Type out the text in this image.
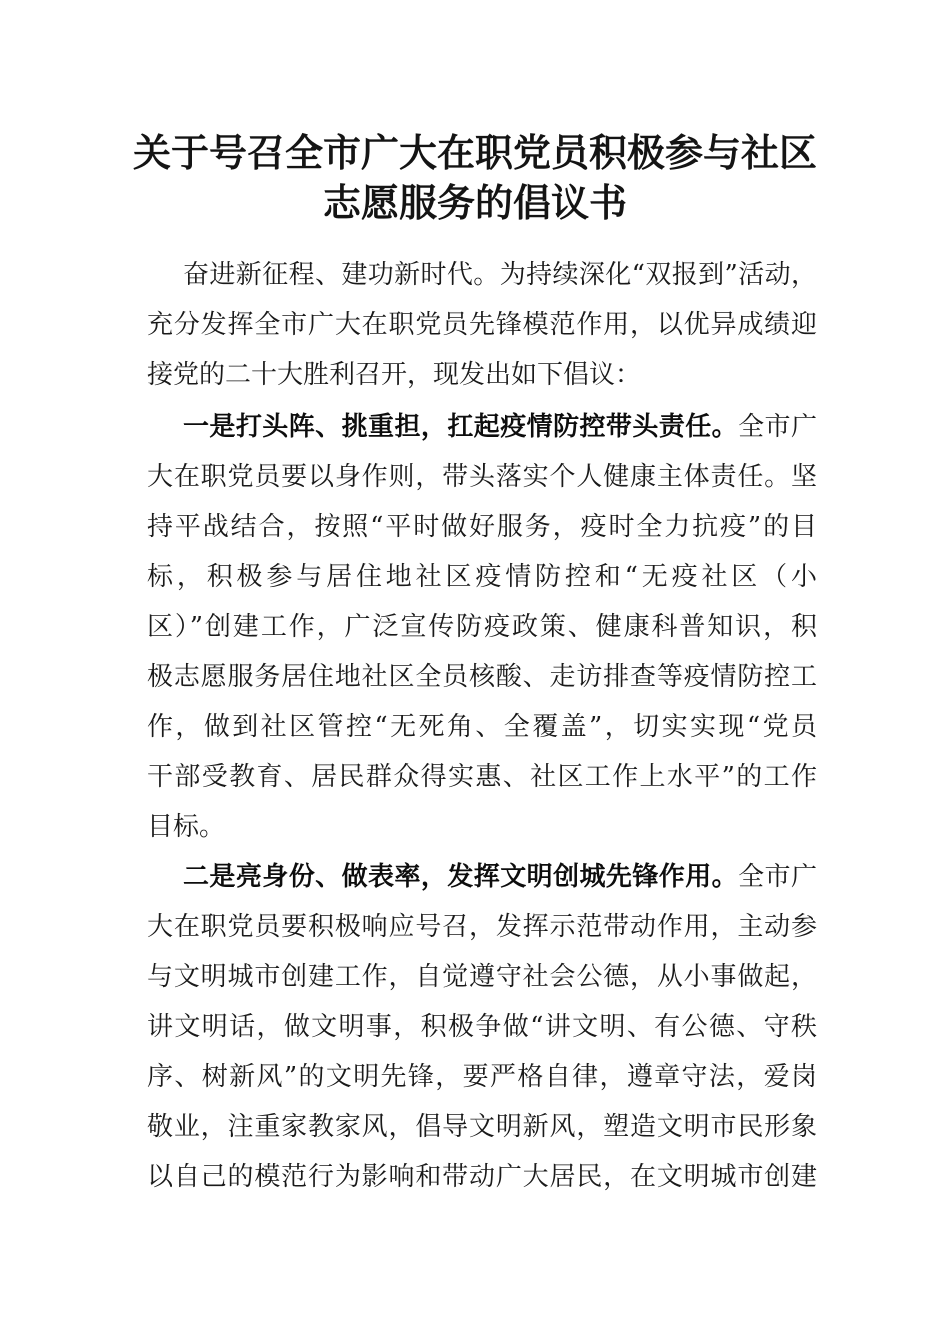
关于号召全市广大在职党员积极参与社区
志愿服务的倡议书
奋进新征程、建功新时代。为持续深化“双报到”活动，
充分发挥全市广大在职党员先锋模范作用，以优异成绩迎
接党的二十大胜利召开，现发出如下倡议：
一是打头阵、挑重担，扛起疫情防控带头责任。全市广
大在职党员要以身作则，带头落实个人健康主体责任。坚
持平战结合，按照“平时做好服务，疫时全力抗疫”的目
标，积极参与居住地社区疫情防控和“无疫社区（小
区）”创建工作，广泛宣传防疫政策、健康科普知识，积
极志愿服务居住地社区全员核酸、走访排查等疫情防控工
作，做到社区管控“无死角、全覆盖”，切实实现“党员
干部受教育、居民群众得实惠、社区工作上水平”的工作
目标。
二是亮身份、做表率，发挥文明创城先锋作用。全市广
大在职党员要积极响应号召，发挥示范带动作用，主动参
与文明城市创建工作，自觉遵守社会公德，从小事做起，
讲文明话，做文明事，积极争做“讲文明、有公德、守秩
序、树新风”的文明先锋，要严格自律，遵章守法，爱岗
敬业，注重家教家风，倡导文明新风，塑造文明市民形象
以自己的模范行为影响和带动广大居民，在文明城市创建
